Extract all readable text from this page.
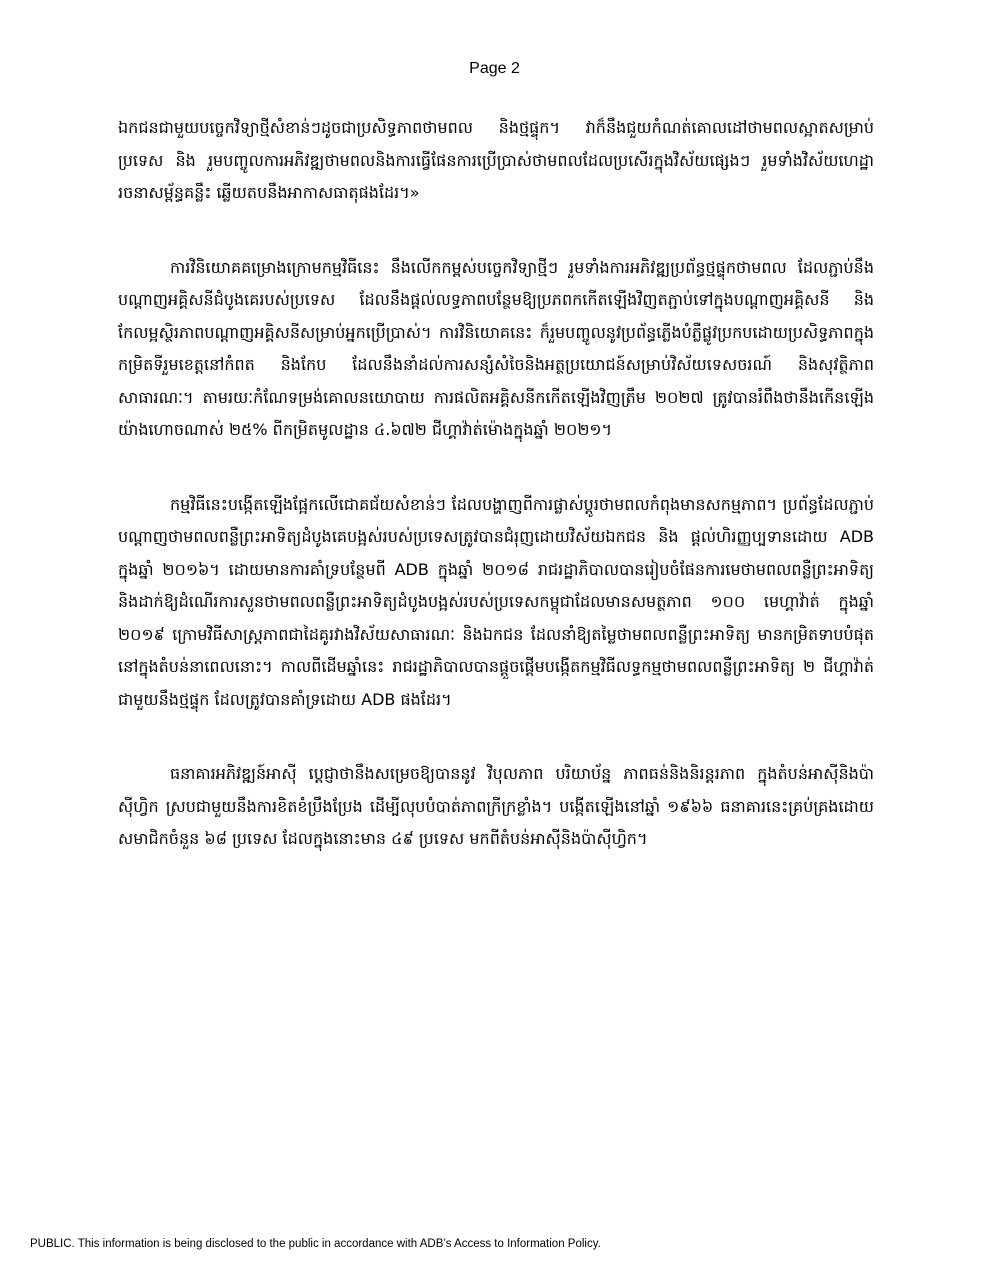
Page 2

ឯកជនជាមួយបច្ចេកវិទ្យាថ្មីសំខាន់ៗដូចជាប្រសិទ្ធភាពថាមពល និងថ្មផ្ទុក។ វាក៏នឹងជួយកំណត់គោលដៅថាមពលស្អាតសម្រាប់ ប្រទេស និង រួមបញ្ចូលការអភិវឌ្ឍថាមពលនិងការធ្វើផែនការប្រើប្រាស់ថាមពលដែលប្រសើរក្នុងវិស័យផ្សេងៗ រួមទាំងវិស័យហេដ្ឋារចនាសម្ព័ន្ធគន្លឹះ ឆ្លើយតបនឹងអាកាសធាតុផងដែរ។»

ការវិនិយោគគម្រោងក្រោមកម្មវិធីនេះ នឹងលើកកម្ពស់បច្ចេកវិទ្យាថ្មីៗ រួមទាំងការអភិវឌ្ឍប្រព័ន្ធថ្មផ្ទុកថាមពល ដែលភ្ជាប់នឹងបណ្តាញអគ្គិសនីជំបូងគេរបស់ប្រទេស ដែលនឹងផ្តល់លទ្ធភាពបន្ថែមឱ្យប្រភពកកើតឡើងវិញតភ្ជាប់ទៅក្នុងបណ្តាញអគ្គិសនី និង កែលម្អស្ថិរភាពបណ្តាញអគ្គិសនីសម្រាប់អ្នកប្រើប្រាស់។ ការវិនិយោគនេះ ក៏រួមបញ្ចូលនូវប្រព័ន្ធភ្លើងបំភ្លឺផ្លូវប្រកបដោយប្រសិទ្ធភាពក្នុងកម្រិតទីរួមខេត្តនៅកំពត និងកែប ដែលនឹងនាំដល់ការសន្សំសំចៃនិងអត្ថប្រយោជន៍សម្រាប់វិស័យទេសចរណ៍ និងសុវត្ថិភាពសាធារណៈ។ តាមរយៈកំណែទម្រង់គោលនយោបាយ ការផលិតអគ្គិសនីកកើតឡើងវិញត្រឹម ២០២៧ ត្រូវបានរំពឹងថានឹងកើនឡើងយ៉ាងហោចណាស់ ២៥% ពីកម្រិតមូលដ្ឋាន ៤.៦៧២ ជីហ្គាវ៉ាត់ម៉ោងក្នុងឆ្នាំ ២០២១។

កម្មវិធីនេះបង្កើតឡើងផ្អែកលើជោគជ័យសំខាន់ៗ ដែលបង្ហាញពីការផ្លាស់ប្តូរថាមពលកំពុងមានសកម្មភាព។ ប្រព័ន្ធដែលភ្ជាប់បណ្តាញថាមពលពន្លឺព្រះអាទិត្យដំបូងគេបង្អស់របស់ប្រទេសត្រូវបានជំរុញដោយវិស័យឯកជន និង ផ្តល់ហិរញ្ញប្បទានដោយ ADB ក្នុងឆ្នាំ ២០១៦។ ដោយមានការគាំទ្របន្ថែមពី ADB ក្នុងឆ្នាំ ២០១៨ រាជរដ្ឋាភិបាលបានរៀបចំផែនការមេថាមពលពន្លឺព្រះអាទិត្យ និងដាក់ឱ្យដំណើរការសួនថាមពលពន្លឺព្រះអាទិត្យដំបូងបង្អស់របស់ប្រទេសកម្ពុជាដែលមានសមត្ថភាព ១០០ មេហ្គាវ៉ាត់ ក្នុងឆ្នាំ ២០១៩ ក្រោមវិធីសាស្រ្តភាពជាដៃគូរវាងវិស័យសាធារណៈ និងឯកជន ដែលនាំឱ្យតម្លៃថាមពលពន្លឺព្រះអាទិត្យ មានកម្រិតទាបបំផុតនៅក្នុងតំបន់នាពេលនោះ។ កាលពីដើមឆ្នាំនេះ រាជរដ្ឋាភិបាលបានផ្តួចផ្តើមបង្កើតកម្មវិធីលទ្ធកម្មថាមពលពន្លឺព្រះអាទិត្យ ២ ជីហ្គាវ៉ាត់ ជាមួយនឹងថ្មផ្ទុក ដែលត្រូវបានគាំទ្រដោយ ADB ផងដែរ។

ធនាគារអភិវឌ្ឍន៍អាស៊ី ប្តេជ្ញាថានឹងសម្រេចឱ្យបាននូវ វិបុលភាព បរិយាប័ន្ន ភាពធន់និងនិរន្តរភាព ក្នុងតំបន់អាស៊ីនិងប៉ាស៊ីហ្វិក ស្របជាមួយនឹងការខិតខំប្រឹងប្រែង ដើម្បីលុបបំបាត់ភាពក្រីក្រខ្លាំង។ បង្កើតឡើងនៅឆ្នាំ ១៩៦៦ ធនាគារនេះគ្រប់គ្រងដោយសមាជិកចំនួន ៦៨ ប្រទេស ដែលក្នុងនោះមាន ៤៩ ប្រទេស មកពីតំបន់អាស៊ីនិងប៉ាស៊ីហ្វិក។

PUBLIC. This information is being disclosed to the public in accordance with ADB’s Access to Information Policy.
